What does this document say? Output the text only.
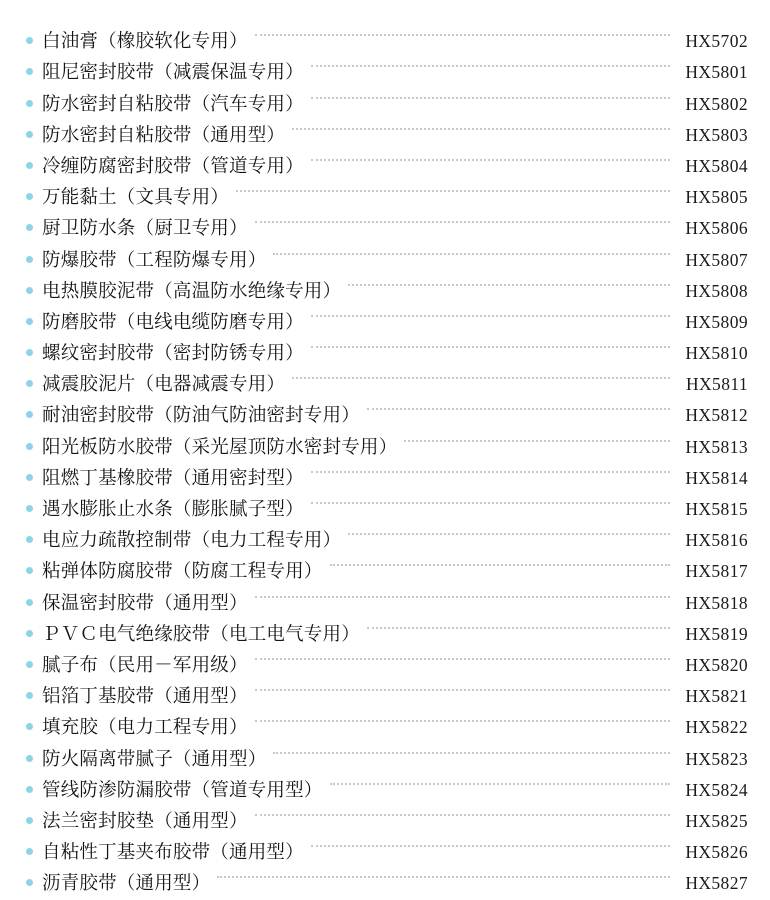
白油膏（橡胶软化专用）	HX5702
阻尼密封胶带（减震保温专用）	HX5801
防水密封自粘胶带（汽车专用）	HX5802
防水密封自粘胶带（通用型）	HX5803
冷缠防腐密封胶带（管道专用）	HX5804
万能黏土（文具专用）	HX5805
厨卫防水条（厨卫专用）	HX5806
防爆胶带（工程防爆专用）	HX5807
电热膜胶泥带（高温防水绝缘专用）	HX5808
防磨胶带（电线电缆防磨专用）	HX5809
螺纹密封胶带（密封防锈专用）	HX5810
减震胶泥片（电器减震专用）	HX5811
耐油密封胶带（防油气防油密封专用）	HX5812
阳光板防水胶带（采光屋顶防水密封专用）	HX5813
阻燃丁基橡胶带（通用密封型）	HX5814
遇水膨胀止水条（膨胀腻子型）	HX5815
电应力疏散控制带（电力工程专用）	HX5816
粘弹体防腐胶带（防腐工程专用）	HX5817
保温密封胶带（通用型）	HX5818
ＰＶＣ电气绝缘胶带（电工电气专用）	HX5819
腻子布（民用－军用级）	HX5820
铝箔丁基胶带（通用型）	HX5821
填充胶（电力工程专用）	HX5822
防火隔离带腻子（通用型）	HX5823
管线防渗防漏胶带（管道专用型）	HX5824
法兰密封胶垫（通用型）	HX5825
自粘性丁基夹布胶带（通用型）	HX5826
沥青胶带（通用型）	HX5827
